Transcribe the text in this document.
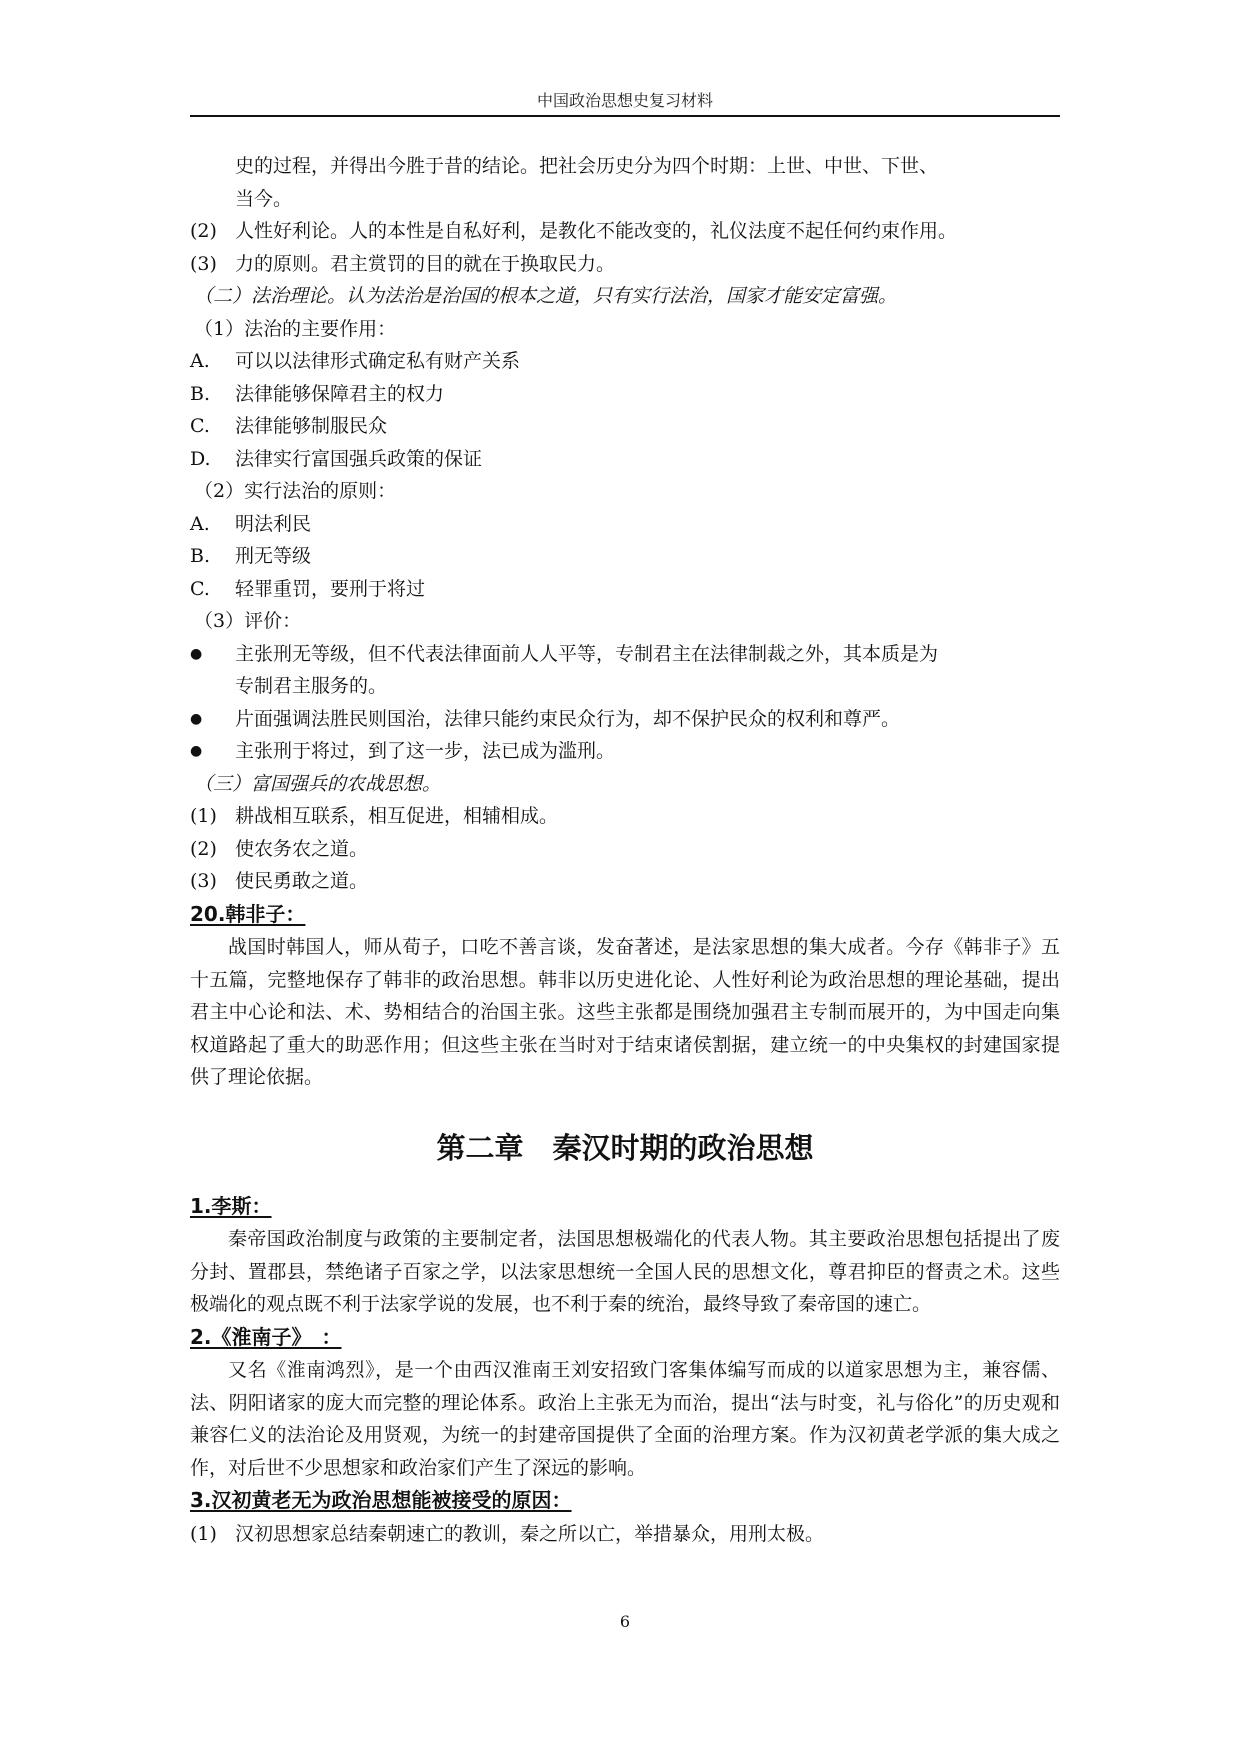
中国政治思想史复习材料
史的过程，并得出今胜于昔的结论。把社会历史分为四个时期：上世、中世、下世、
当今。
(2) 人性好利论。人的本性是自私好利，是教化不能改变的，礼仪法度不起任何约束作用。
(3) 力的原则。君主赏罚的目的就在于换取民力。
（二）法治理论。认为法治是治国的根本之道，只有实行法治，国家才能安定富强。
（1）法治的主要作用：
A.	可以以法律形式确定私有财产关系
B.	法律能够保障君主的权力
C.	法律能够制服民众
D.	法律实行富国强兵政策的保证
（2）实行法治的原则：
A.	明法利民
B.	刑无等级
C.	轻罪重罚，要刑于将过
（3）评价：
●	主张刑无等级，但不代表法律面前人人平等，专制君主在法律制裁之外，其本质是为
专制君主服务的。
●	片面强调法胜民则国治，法律只能约束民众行为，却不保护民众的权利和尊严。
●	主张刑于将过，到了这一步，法已成为滥刑。
（三）富国强兵的农战思想。
(1) 耕战相互联系，相互促进，相辅相成。
(2) 使农务农之道。
(3) 使民勇敢之道。
20.韩非子：
战国时韩国人，师从荀子，口吃不善言谈，发奋著述，是法家思想的集大成者。今存《韩非子》五十五篇，完整地保存了韩非的政治思想。韩非以历史进化论、人性好利论为政治思想的理论基础，提出君主中心论和法、术、势相结合的治国主张。这些主张都是围绕加强君主专制而展开的，为中国走向集权道路起了重大的助恶作用；但这些主张在当时对于结束诸侯割据，建立统一的中央集权的封建国家提供了理论依据。
第二章　秦汉时期的政治思想
1.李斯：
秦帝国政治制度与政策的主要制定者，法国思想极端化的代表人物。其主要政治思想包括提出了废分封、置郡县，禁绝诸子百家之学，以法家思想统一全国人民的思想文化，尊君抑臣的督责之术。这些极端化的观点既不利于法家学说的发展，也不利于秦的统治，最终导致了秦帝国的速亡。
2.《淮南子》　：
又名《淮南鸿烈》，是一个由西汉淮南王刘安招致门客集体编写而成的以道家思想为主，兼容儒、法、阴阳诸家的庞大而完整的理论体系。政治上主张无为而治，提出“法与时变，礼与俗化”的历史观和兼容仁义的法治论及用贤观，为统一的封建帝国提供了全面的治理方案。作为汉初黄老学派的集大成之作，对后世不少思想家和政治家们产生了深远的影响。
3.汉初黄老无为政治思想能被接受的原因：
(1) 汉初思想家总结秦朝速亡的教训，秦之所以亡，举措暴众，用刑太极。
6
